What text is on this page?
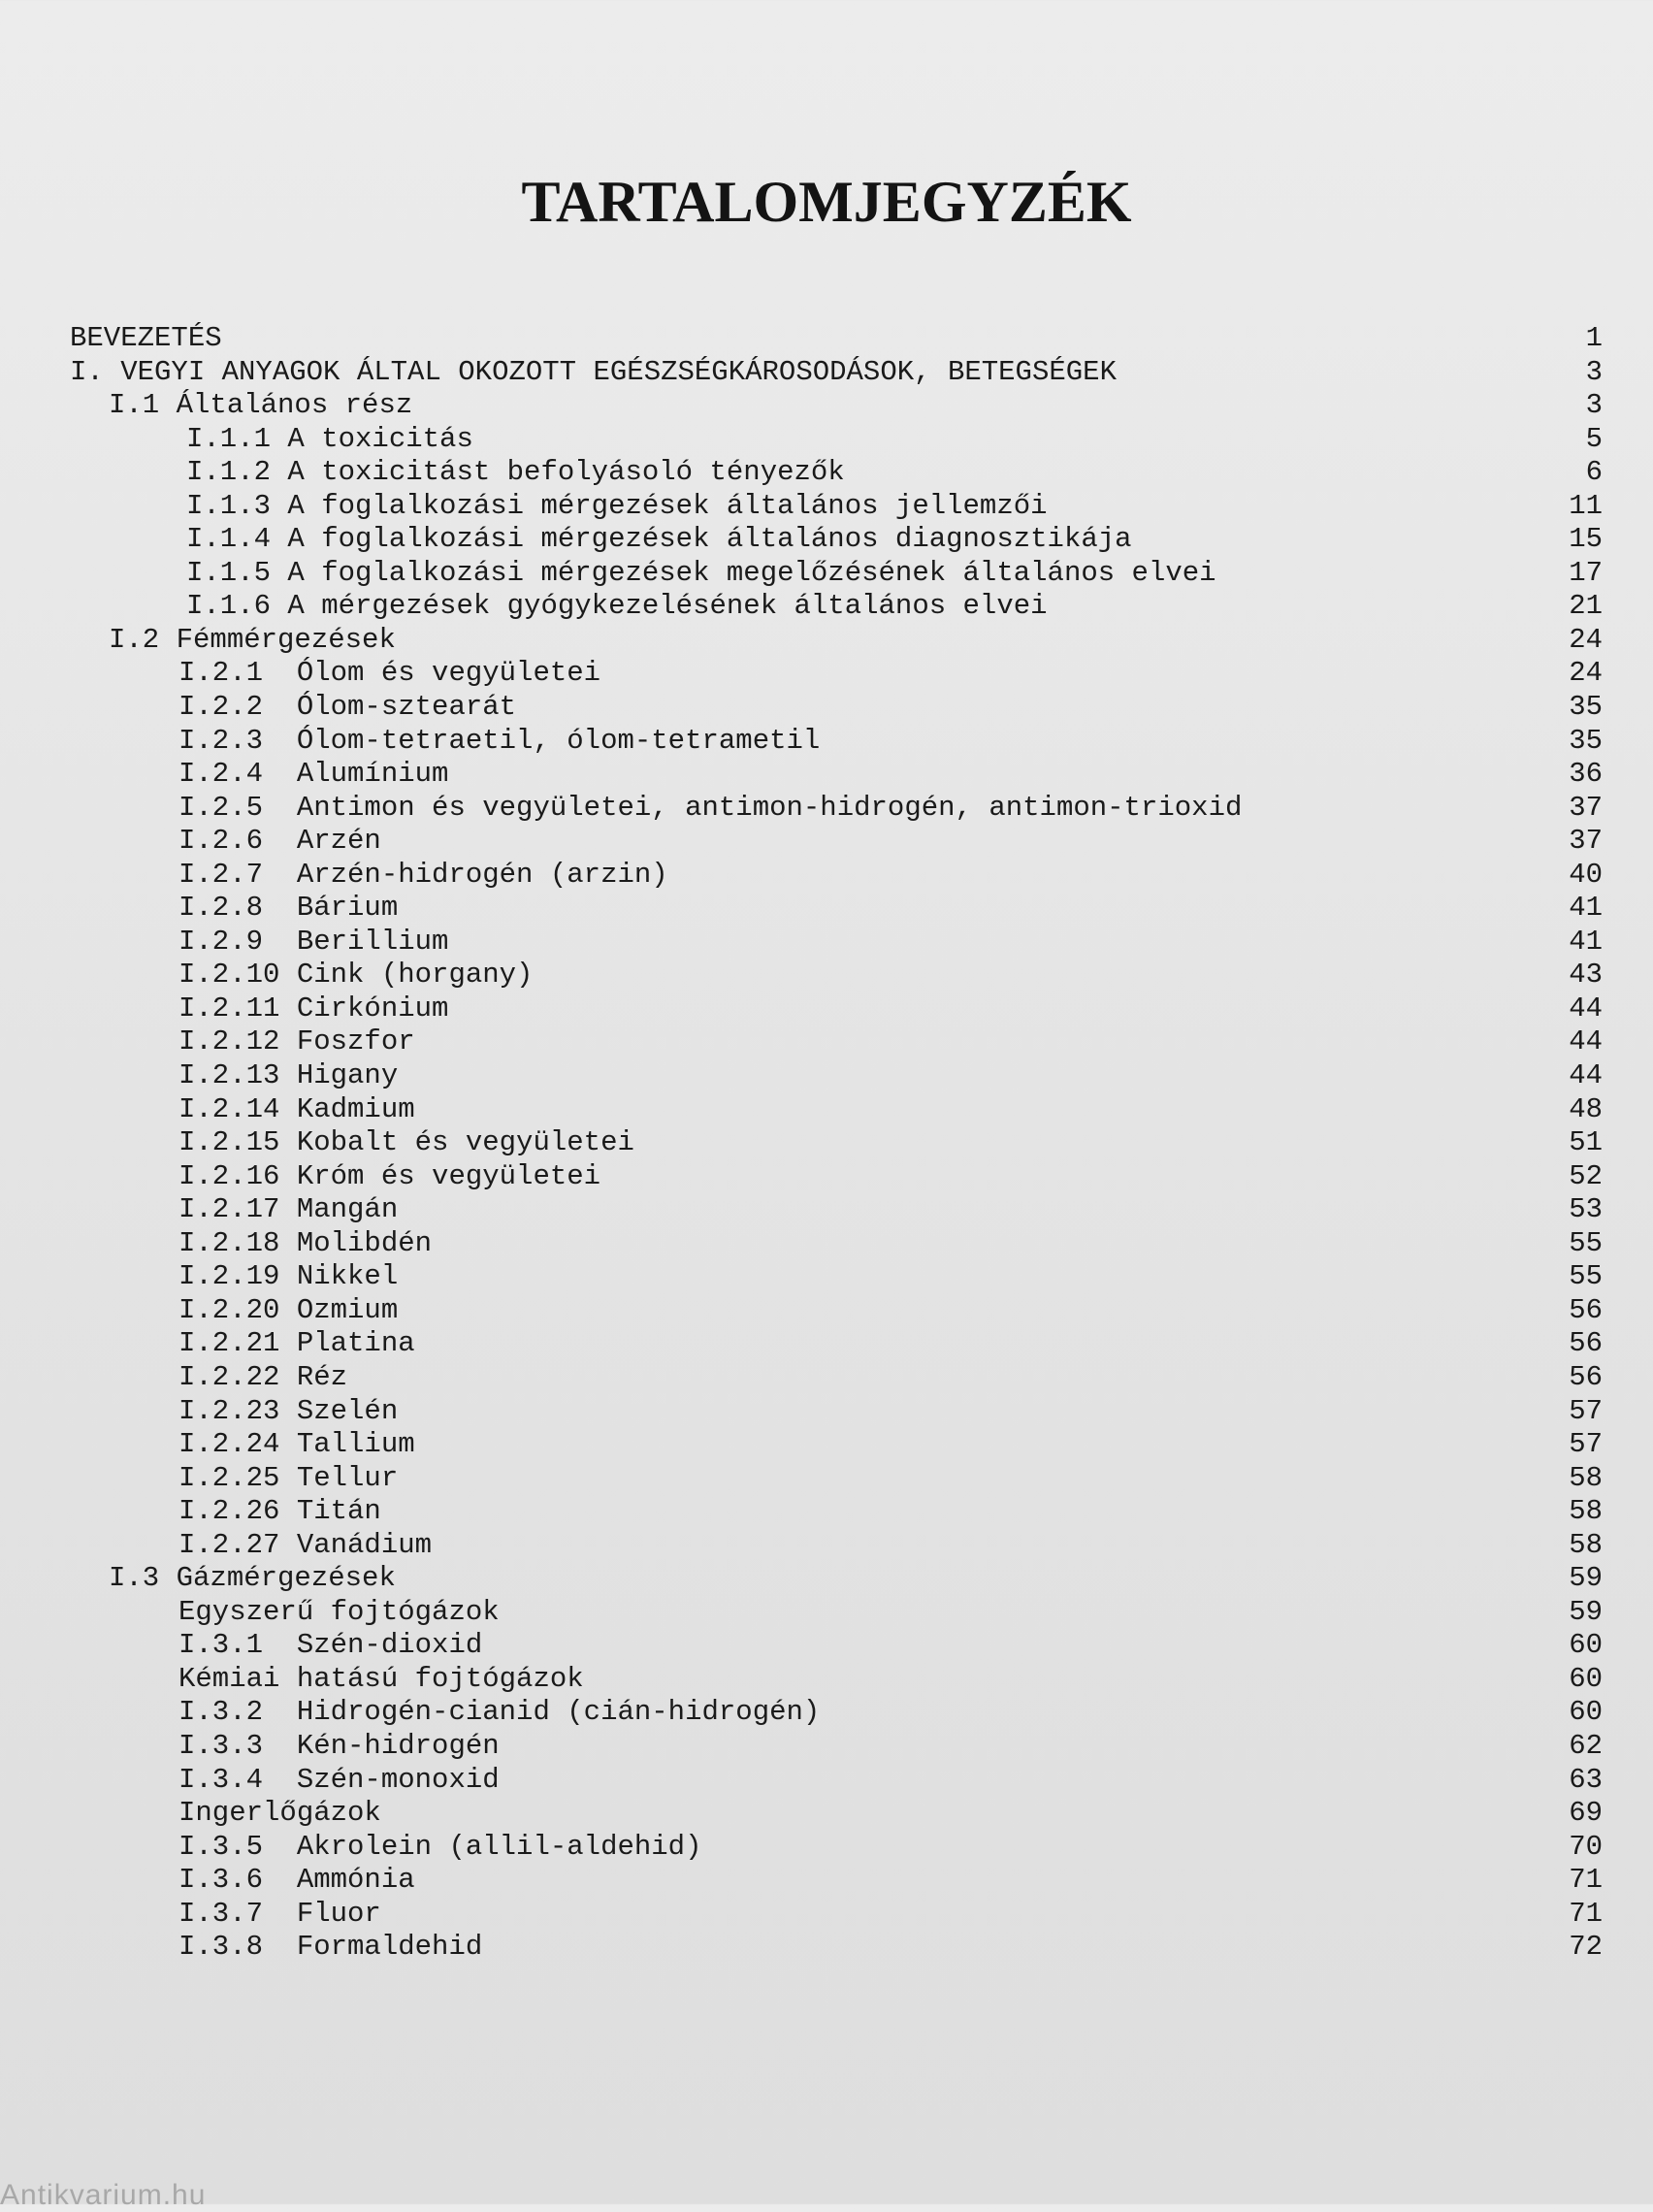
TARTALOMJEGYZÉK
BEVEZETÉS	1
I. VEGYI ANYAGOK ÁLTAL OKOZOTT EGÉSZSÉGKÁROSODÁSOK, BETEGSÉGEK	3
I.1 Általános rész	3
I.1.1 A toxicitás	5
I.1.2 A toxicitást befolyásoló tényezők	6
I.1.3 A foglalkozási mérgezések általános jellemzői	11
I.1.4 A foglalkozási mérgezések általános diagnosztikája	15
I.1.5 A foglalkozási mérgezések megelőzésének általános elvei	17
I.1.6 A mérgezések gyógykezelésének általános elvei	21
I.2 Fémmérgezések	24
I.2.1  Ólom és vegyületei	24
I.2.2  Ólom-sztearát	35
I.2.3  Ólom-tetraetil, ólom-tetrametil	35
I.2.4  Alumínium	36
I.2.5  Antimon és vegyületei, antimon-hidrogén, antimon-trioxid	37
I.2.6  Arzén	37
I.2.7  Arzén-hidrogén (arzin)	40
I.2.8  Bárium	41
I.2.9  Berillium	41
I.2.10 Cink (horgany)	43
I.2.11 Cirkónium	44
I.2.12 Foszfor	44
I.2.13 Higany	44
I.2.14 Kadmium	48
I.2.15 Kobalt és vegyületei	51
I.2.16 Króm és vegyületei	52
I.2.17 Mangán	53
I.2.18 Molibdén	55
I.2.19 Nikkel	55
I.2.20 Ozmium	56
I.2.21 Platina	56
I.2.22 Réz	56
I.2.23 Szelén	57
I.2.24 Tallium	57
I.2.25 Tellur	58
I.2.26 Titán	58
I.2.27 Vanádium	58
I.3 Gázmérgezések	59
Egyszerű fojtógázok	59
I.3.1  Szén-dioxid	60
Kémiai hatású fojtógázok	60
I.3.2  Hidrogén-cianid (cián-hidrogén)	60
I.3.3  Kén-hidrogén	62
I.3.4  Szén-monoxid	63
Ingerlőgázok	69
I.3.5  Akrolein (allil-aldehid)	70
I.3.6  Ammónia	71
I.3.7  Fluor	71
I.3.8  Formaldehid	72
Antikvarium.hu
